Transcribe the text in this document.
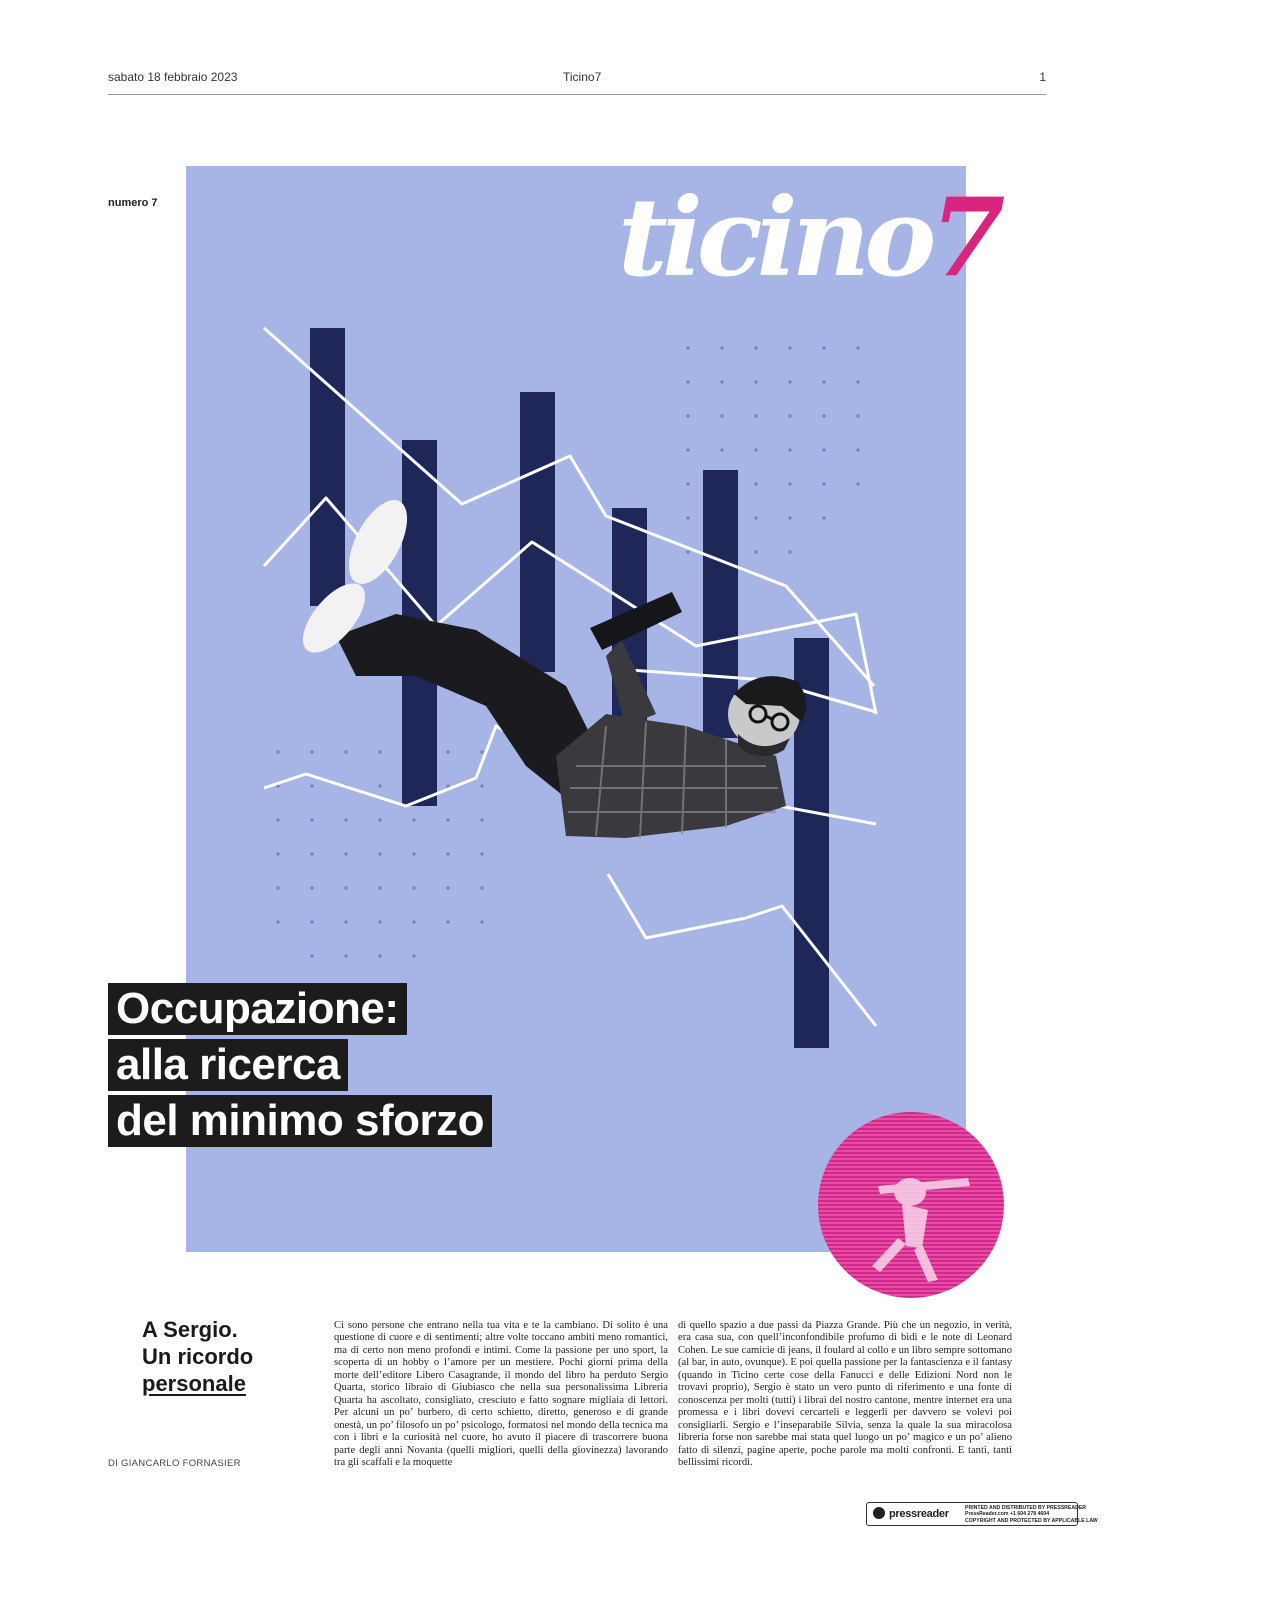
sabato 18 febbraio 2023	Ticino7	1
numero 7	ticino7
Occupazione:
alla ricerca
del minimo sforzo
A Sergio.
Un ricordo
personale
DI GIANCARLO FORNASIER
Ci sono persone che entrano nella tua vita e te la cambiano. Di solito è una questione di cuore e di sentimenti; altre volte toccano ambiti meno romantici, ma di certo non meno profondi e intimi. Come la passione per uno sport, la scoperta di un hobby o l’amore per un mestiere. Pochi giorni prima della morte dell’editore Libero Casagrande, il mondo del libro ha perduto Sergio Quarta, storico libraio di Giubiasco che nella sua personalissima Libreria Quarta ha ascoltato, consigliato, cresciuto e fatto sognare migliaia di lettori. Per alcuni un po’ burbero, di certo schietto, diretto, generoso e di grande onestà, un po’ filosofo un po’ psicologo, formatosi nel mondo della tecnica ma con i libri e la curiosità nel cuore, ho avuto il piacere di trascorrere buona parte degli anni Novanta (quelli migliori, quelli della giovinezza) lavorando tra gli scaffali e la moquette
di quello spazio a due passi da Piazza Grande. Più che un negozio, in verità, era casa sua, con quell’inconfondibile profumo di bidi e le note di Leonard Cohen. Le sue camicie di jeans, il foulard al collo e un libro sempre sottomano (al bar, in auto, ovunque). E poi quella passione per la fantascienza e il fantasy (quando in Ticino certe cose della Fanucci e delle Edizioni Nord non le trovavi proprio), Sergio è stato un vero punto di riferimento e una fonte di conoscenza per molti (tutti) i librai del nostro cantone, mentre internet era una promessa e i libri dovevi cercarteli e leggerli per davvero se volevi poi consigliarli. Sergio e l’inseparabile Silvia, senza la quale la sua miracolosa libreria forse non sarebbe mai stata quel luogo un po’ magico e un po’ alieno fatto di silenzi, pagine aperte, poche parole ma molti confronti. E tanti, tanti bellissimi ricordi.
pressreader	PRINTED AND DISTRIBUTED BY PRESSREADER
PressReader.com +1 604 278 4604
COPYRIGHT AND PROTECTED BY APPLICABLE LAW
